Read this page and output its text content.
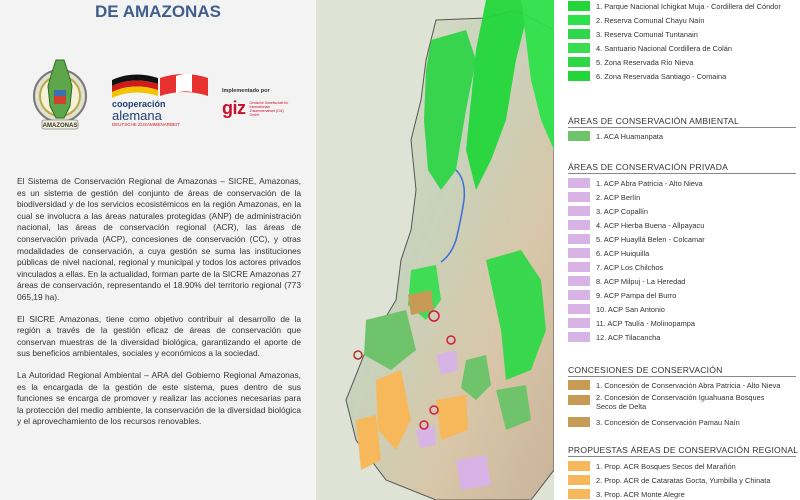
DE AMAZONAS
AMAZONAS
cooperación
alemana
DEUTSCHE ZUSAMMENARBEIT
Implementado por
giz Deutsche Gesellschaft für Internationale Zusammenarbeit (GIZ) GmbH

El Sistema de Conservación Regional de Amazonas – SICRE, Amazonas, es un sistema de gestión del conjunto de áreas de conservación de la biodiversidad y de los servicios ecosistémicos en la región Amazonas, en la cual se involucra a las áreas naturales protegidas (ANP) de administración nacional, las áreas de conservación regional (ACR), las áreas de conservación privada (ACP), concesiones de conservación (CC), y otras modalidades de conservación, a cuya gestión se suma las instituciones públicas de nivel nacional, regional y municipal y todos los actores privados vinculados a ellas. En la actualidad, forman parte de la SICRE Amazonas 27 áreas de conservación, representando el 18.90% del territorio regional (773 065,19 ha).

El SICRE Amazonas, tiene como objetivo contribuir al desarrollo de la región a través de la gestión eficaz de áreas de conservación que conservan muestras de la diversidad biológica, garantizando el aporte de sus beneficios ambientales, sociales y económicos a la sociedad.

La Autoridad Regional Ambiental – ARA del Gobierno Regional Amazonas, es la encargada de la gestión de este sistema, pues dentro de sus funciones se encarga de promover y realizar las acciones necesarias para la protección del medio ambiente, la conservación de la diversidad biológica y el aprovechamiento de los recursos renovables.

1. Parque Nacional Ichigkat Muja - Cordillera del Cóndor
2. Reserva Comunal Chayu Naín
3. Reserva Comunal Tuntanain
4. Santuario Nacional Cordillera de Colán
5. Zona Reservada Río Nieva
6. Zona Reservada Santiago - Comaina
ÁREAS DE CONSERVACIÓN AMBIENTAL
1. ACA Huamanpata
ÁREAS DE CONSERVACIÓN PRIVADA
1. ACP Abra Patricia - Alto Nieva
2. ACP Berlín
3. ACP Copallín
4. ACP Hierba Buena - Allpayacu
5. ACP Huayllá Belen - Colcamar
6. ACP Huiquilla
7. ACP Los Chilchos
8. ACP Milpuj - La Heredad
9. ACP Pampa del Burro
10. ACP San Antonio
11. ACP Taulía - Molinopampa
12. ACP Tilacancha
CONCESIONES DE CONSERVACIÓN
1. Concesión de Conservación Abra Patricia - Alto Nieva
2. Concesión de Conservación Iguahuana Bosques Secos de Delta
3. Concesión de Conservación Pamau Naín
PROPUESTAS ÁREAS DE CONSERVACIÓN REGIONAL
1. Prop. ACR Bosques Secos del Marañón
2. Prop. ACR de Cataratas Gocta, Yumbilla y Chinata
3. Prop. ACR Monte Alegre
